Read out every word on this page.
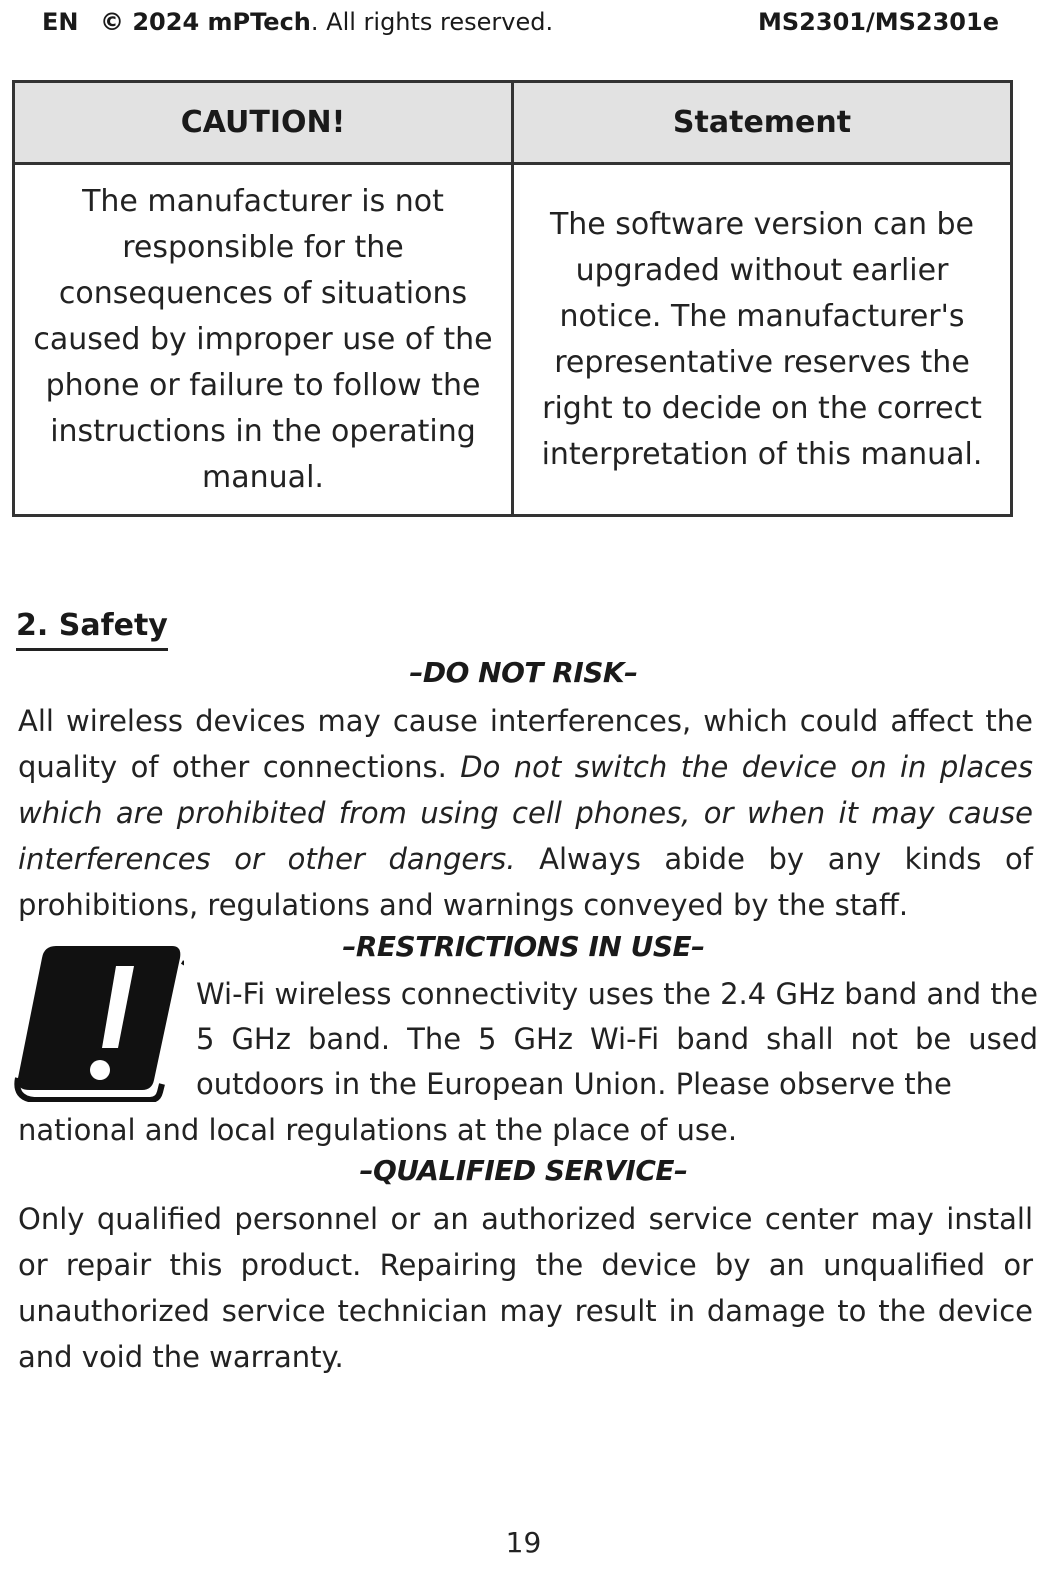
EN © 2024 mPTech. All rights reserved.	MS2301/MS2301e
CAUTION!	Statement
The manufacturer is not responsible for the consequences of situations caused by improper use of the phone or failure to follow the instructions in the operating manual.	The software version can be upgraded without earlier notice. The manufacturer's representative reserves the right to decide on the correct interpretation of this manual.
2. Safety
–DO NOT RISK–
All wireless devices may cause interferences, which could affect the quality of other connections. Do not switch the device on in places which are prohibited from using cell phones, or when it may cause interferences or other dangers. Always abide by any kinds of prohibitions, regulations and warnings conveyed by the staff.
–RESTRICTIONS IN USE–
Wi-Fi wireless connectivity uses the 2.4 GHz band and the 5 GHz band. The 5 GHz Wi-Fi band shall not be used outdoors in the European Union. Please observe the
national and local regulations at the place of use.
–QUALIFIED SERVICE–
Only qualified personnel or an authorized service center may install or repair this product. Repairing the device by an unqualified or unauthorized service technician may result in damage to the device and void the warranty.
19
